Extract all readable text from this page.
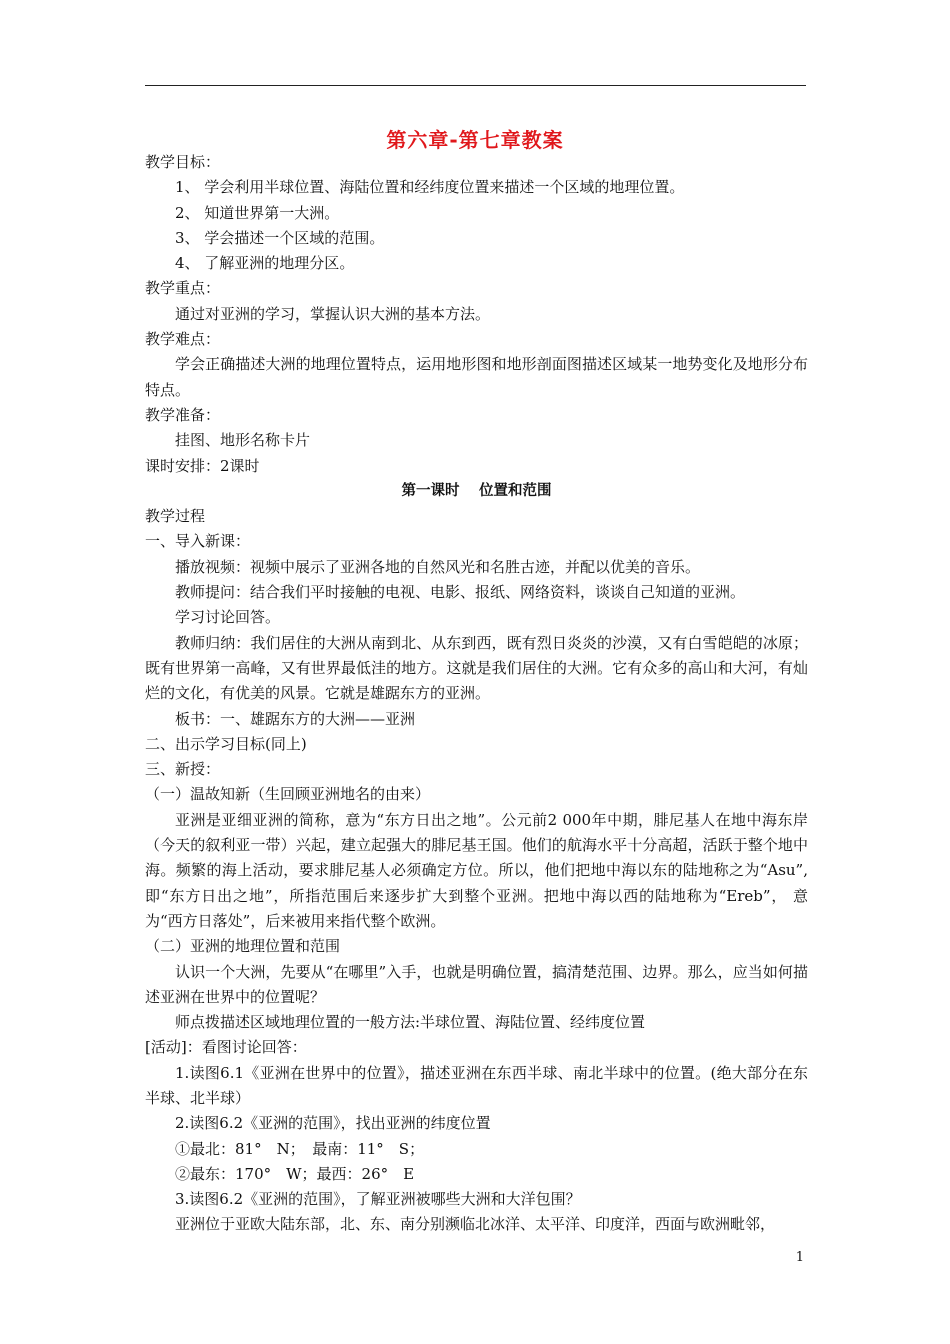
第六章-第七章教案

教学目标：

1、 学会利用半球位置、海陆位置和经纬度位置来描述一个区域的地理位置。

2、 知道世界第一大洲。

3、 学会描述一个区域的范围。

4、 了解亚洲的地理分区。

教学重点：

通过对亚洲的学习，掌握认识大洲的基本方法。

教学难点：

学会正确描述大洲的地理位置特点，运用地形图和地形剖面图描述区域某一地势变化及地形分布特点。

教学准备：

挂图、地形名称卡片

课时安排：2课时

第一课时　 位置和范围

教学过程

一、导入新课：

播放视频：视频中展示了亚洲各地的自然风光和名胜古迹，并配以优美的音乐。

教师提问：结合我们平时接触的电视、电影、报纸、网络资料，谈谈自己知道的亚洲。

学习讨论回答。

教师归纳：我们居住的大洲从南到北、从东到西，既有烈日炎炎的沙漠，又有白雪皑皑的冰原；既有世界第一高峰，又有世界最低洼的地方。这就是我们居住的大洲。它有众多的高山和大河，有灿烂的文化，有优美的风景。它就是雄踞东方的亚洲。

板书：一、雄踞东方的大洲——亚洲

二、出示学习目标(同上)

三、新授：

（一）温故知新（生回顾亚洲地名的由来）

亚洲是亚细亚洲的简称，意为“东方日出之地”。公元前2 000年中期，腓尼基人在地中海东岸（今天的叙利亚一带）兴起，建立起强大的腓尼基王国。他们的航海水平十分高超，活跃于整个地中海。频繁的海上活动，要求腓尼基人必须确定方位。所以，他们把地中海以东的陆地称之为“Asu”,即“东方日出之地”，所指范围后来逐步扩大到整个亚洲。把地中海以西的陆地称为“Ereb”， 意为“西方日落处”，后来被用来指代整个欧洲。

（二）亚洲的地理位置和范围

认识一个大洲，先要从“在哪里”入手，也就是明确位置，搞清楚范围、边界。那么，应当如何描述亚洲在世界中的位置呢？

师点拨描述区域地理位置的一般方法:半球位置、海陆位置、经纬度位置

[活动]：看图讨论回答：

1.读图6.1《亚洲在世界中的位置》，描述亚洲在东西半球、南北半球中的位置。(绝大部分在东半球、北半球）

2.读图6.2《亚洲的范围》，找出亚洲的纬度位置

①最北：81°　N；　最南：11°　S；

②最东：170°　W；最西：26°　E

3.读图6.2《亚洲的范围》，了解亚洲被哪些大洲和大洋包围？

亚洲位于亚欧大陆东部，北、东、南分别濒临北冰洋、太平洋、印度洋，西面与欧洲毗邻，

1
